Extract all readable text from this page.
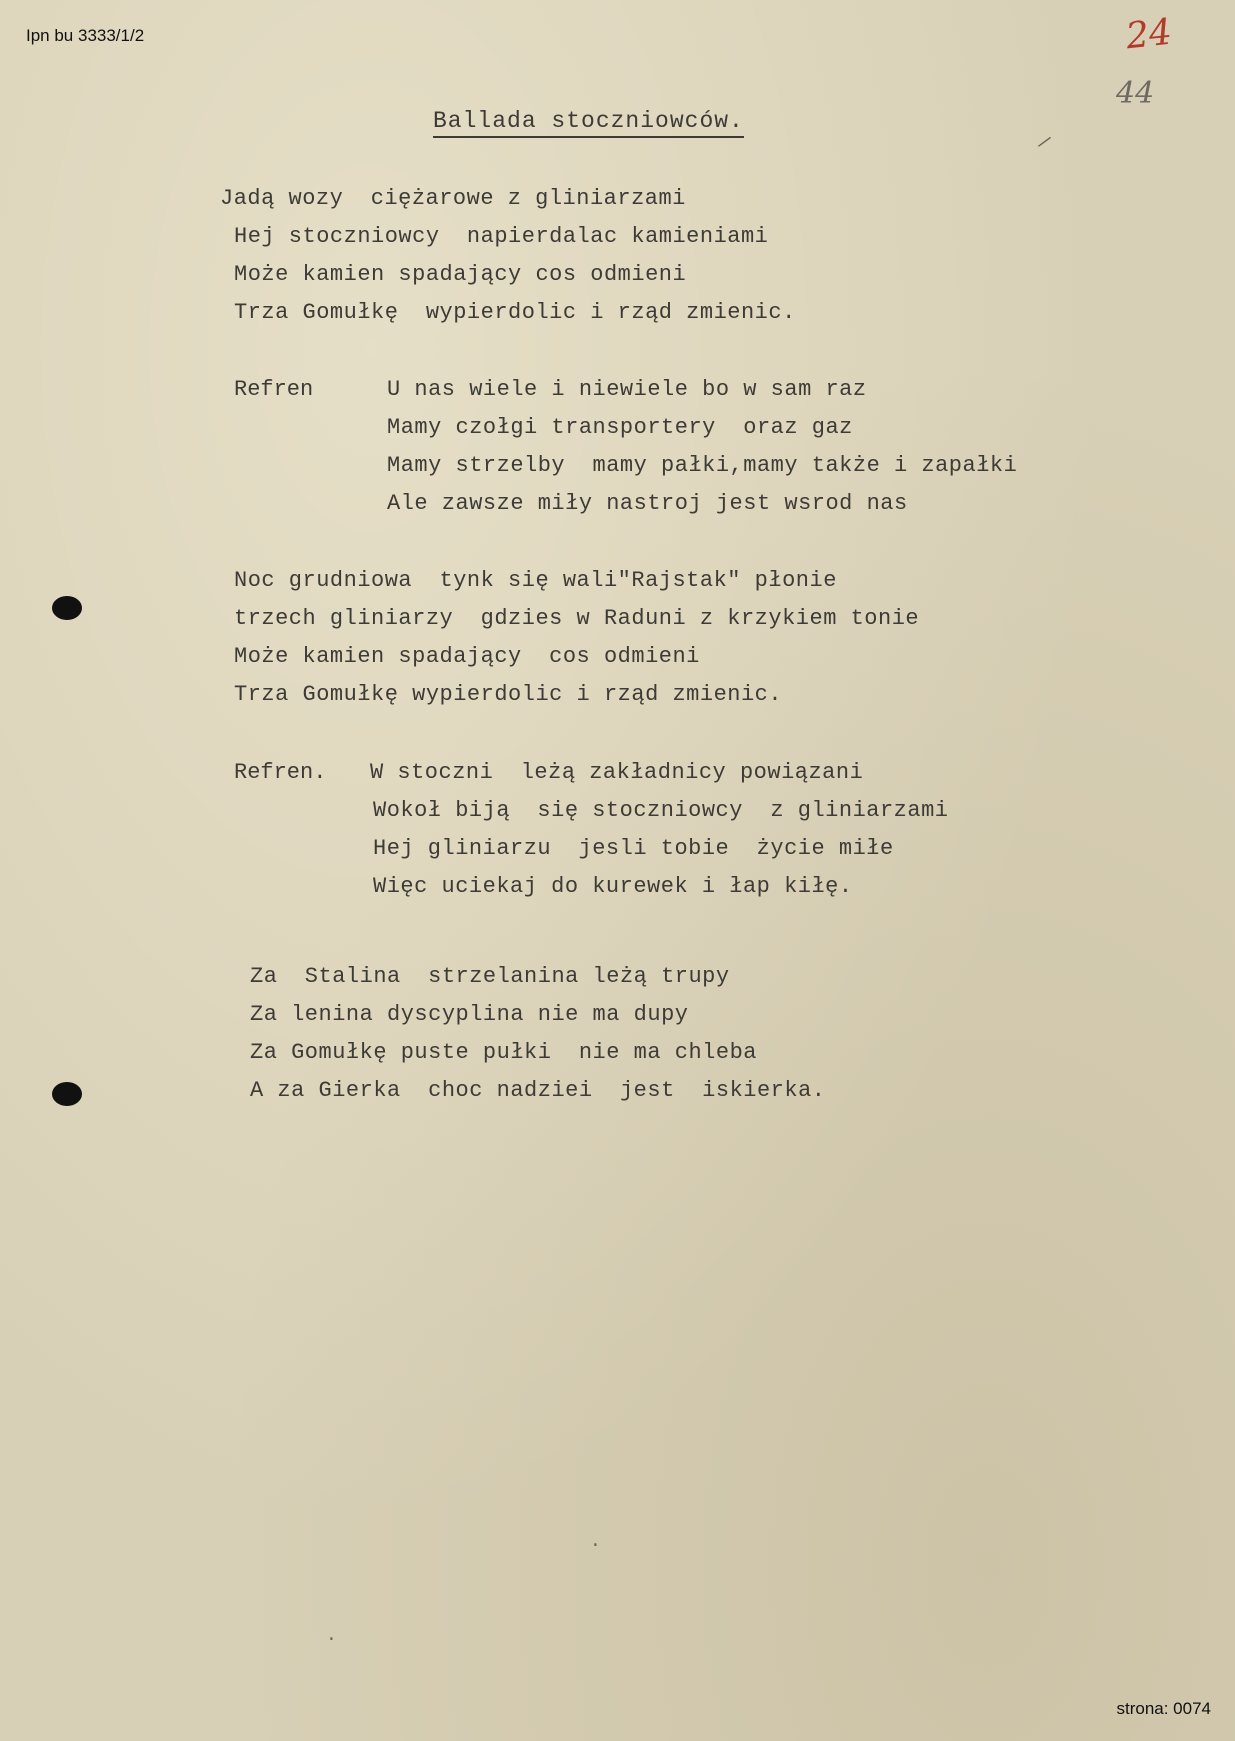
Ipn bu 3333/1/2	24
44
Ballada stoczniowców.
Jadą wozy  ciężarowe z gliniarzami
Hej stoczniowcy  napierdalac kamieniami
Może kamien spadający cos odmieni
Trza Gomułkę  wypierdolic i rząd zmienic.
Refren	U nas wiele i niewiele bo w sam raz
Mamy czołgi transportery  oraz gaz
Mamy strzelby  mamy pałki,mamy także i zapałki
Ale zawsze miły nastroj jest wsrod nas
Noc grudniowa  tynk się wali"Rajstak" płonie
trzech gliniarzy  gdzies w Raduni z krzykiem tonie
Może kamien spadający  cos odmieni
Trza Gomułkę wypierdolic i rząd zmienic.
Refren. W stoczni  leżą zakładnicy powiązani
Wokoł biją  się stoczniowcy  z gliniarzami
Hej gliniarzu  jesli tobie  życie miłe
Więc uciekaj do kurewek i łap kiłę.
Za  Stalina  strzelanina leżą trupy
Za lenina dyscyplina nie ma dupy
Za Gomułkę puste pułki  nie ma chleba
A za Gierka  choc nadziei  jest  iskierka.
/
·
·
strona: 0074
